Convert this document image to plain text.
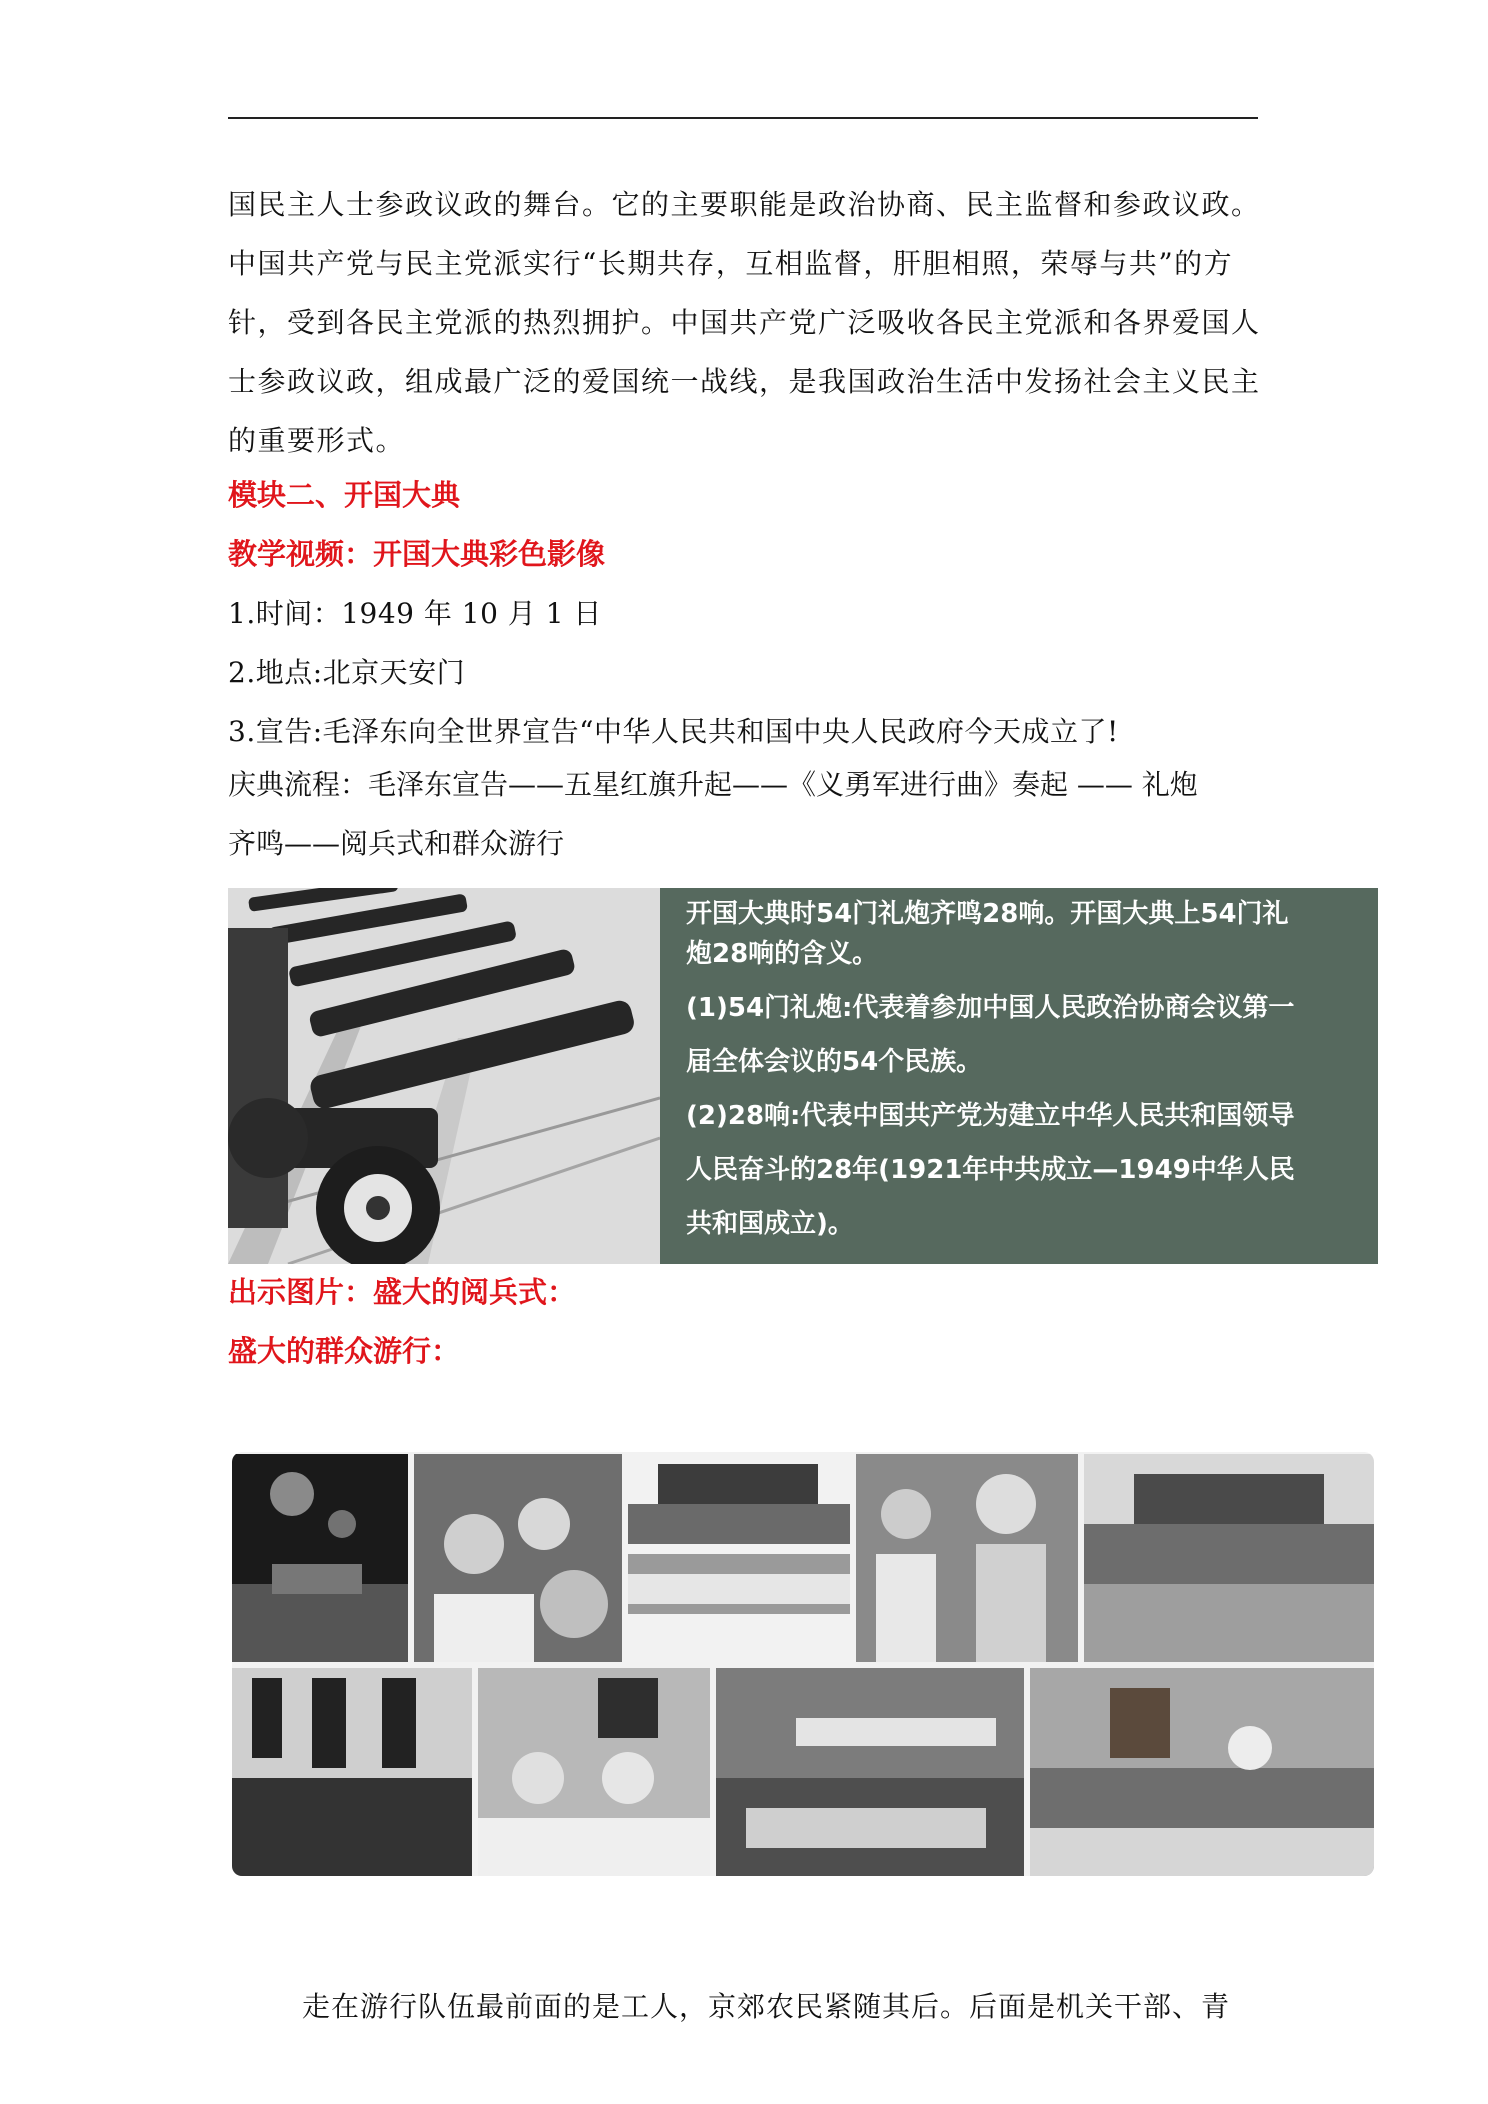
国民主人士参政议政的舞台。它的主要职能是政治协商、民主监督和参政议政。
中国共产党与民主党派实行“长期共存，互相监督，肝胆相照，荣辱与共”的方
针，受到各民主党派的热烈拥护。中国共产党广泛吸收各民主党派和各界爱国人
士参政议政，组成最广泛的爱国统一战线，是我国政治生活中发扬社会主义民主
的重要形式。
模块二、开国大典
教学视频：开国大典彩色影像
1.时间：1949 年 10 月 1 日
2.地点:北京天安门
3.宣告:毛泽东向全世界宣告“中华人民共和国中央人民政府今天成立了!
庆典流程：毛泽东宣告——五星红旗升起——《义勇军进行曲》奏起 —— 礼炮
齐鸣——阅兵式和群众游行

开国大典时54门礼炮齐鸣28响。开国大典上54门礼
炮28响的含义。

(1)54门礼炮:代表着参加中国人民政治协商会议第一
届全体会议的54个民族。

(2)28响:代表中国共产党为建立中华人民共和国领导
人民奋斗的28年(1921年中共成立—1949中华人民
共和国成立)。

出示图片：盛大的阅兵式：
盛大的群众游行：
走在游行队伍最前面的是工人，京郊农民紧随其后。后面是机关干部、青
